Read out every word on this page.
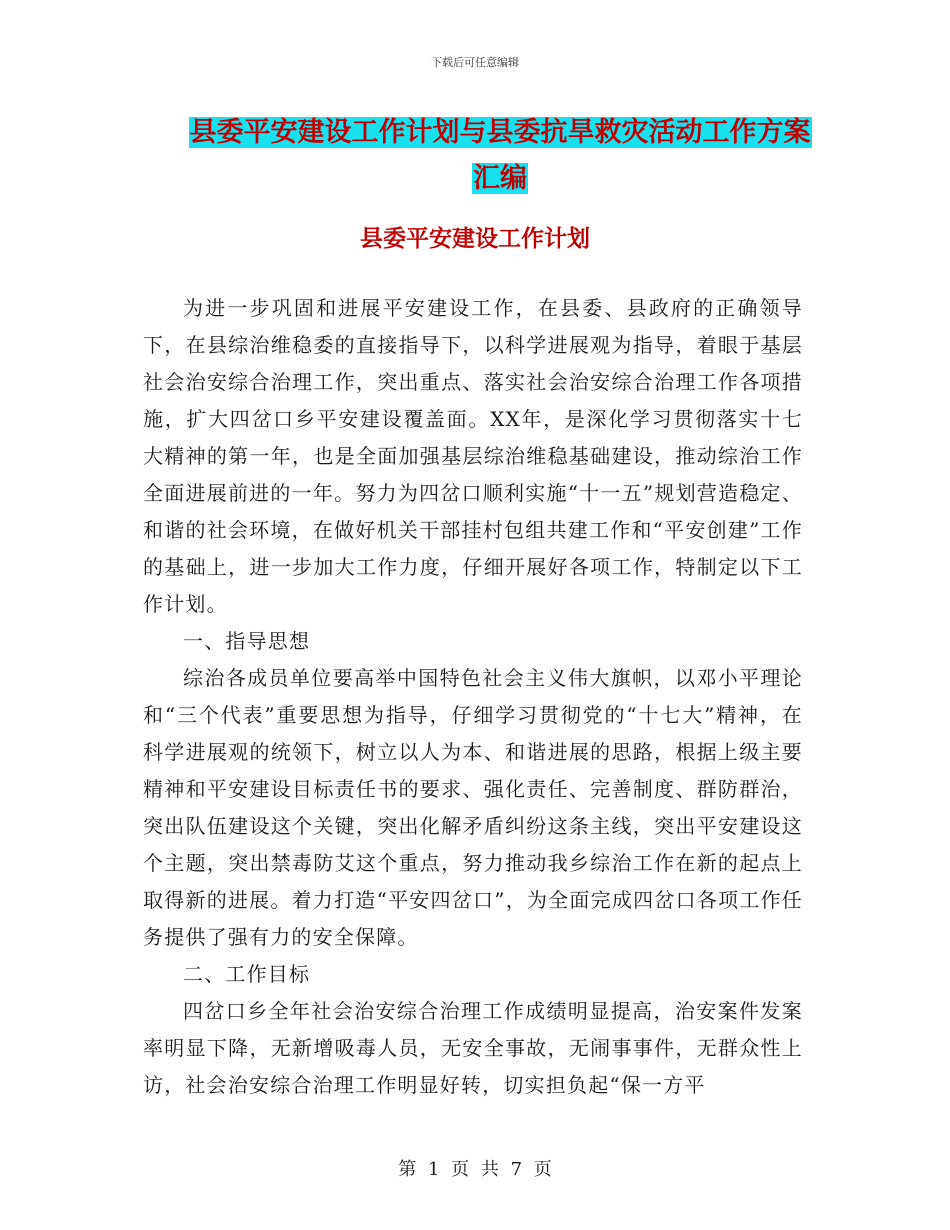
下载后可任意编辑
县委平安建设工作计划与县委抗旱救灾活动工作方案
汇编
县委平安建设工作计划

为进一步巩固和进展平安建设工作，在县委、县政府的正确领导下，在县综治维稳委的直接指导下，以科学进展观为指导，着眼于基层社会治安综合治理工作，突出重点、落实社会治安综合治理工作各项措施，扩大四岔口乡平安建设覆盖面。XX年，是深化学习贯彻落实十七大精神的第一年，也是全面加强基层综治维稳基础建设，推动综治工作全面进展前进的一年。努力为四岔口顺利实施“十一五”规划营造稳定、和谐的社会环境，在做好机关干部挂村包组共建工作和“平安创建”工作的基础上，进一步加大工作力度，仔细开展好各项工作，特制定以下工作计划。

一、指导思想

综治各成员单位要高举中国特色社会主义伟大旗帜，以邓小平理论和“三个代表”重要思想为指导，仔细学习贯彻党的“十七大”精神，在科学进展观的统领下，树立以人为本、和谐进展的思路，根据上级主要精神和平安建设目标责任书的要求、强化责任、完善制度、群防群治，突出队伍建设这个关键，突出化解矛盾纠纷这条主线，突出平安建设这个主题，突出禁毒防艾这个重点，努力推动我乡综治工作在新的起点上取得新的进展。着力打造“平安四岔口”，为全面完成四岔口各项工作任务提供了强有力的安全保障。

二、工作目标

四岔口乡全年社会治安综合治理工作成绩明显提高，治安案件发案率明显下降，无新增吸毒人员，无安全事故，无闹事事件，无群众性上访，社会治安综合治理工作明显好转，切实担负起“保一方平

第 1 页 共 7 页
